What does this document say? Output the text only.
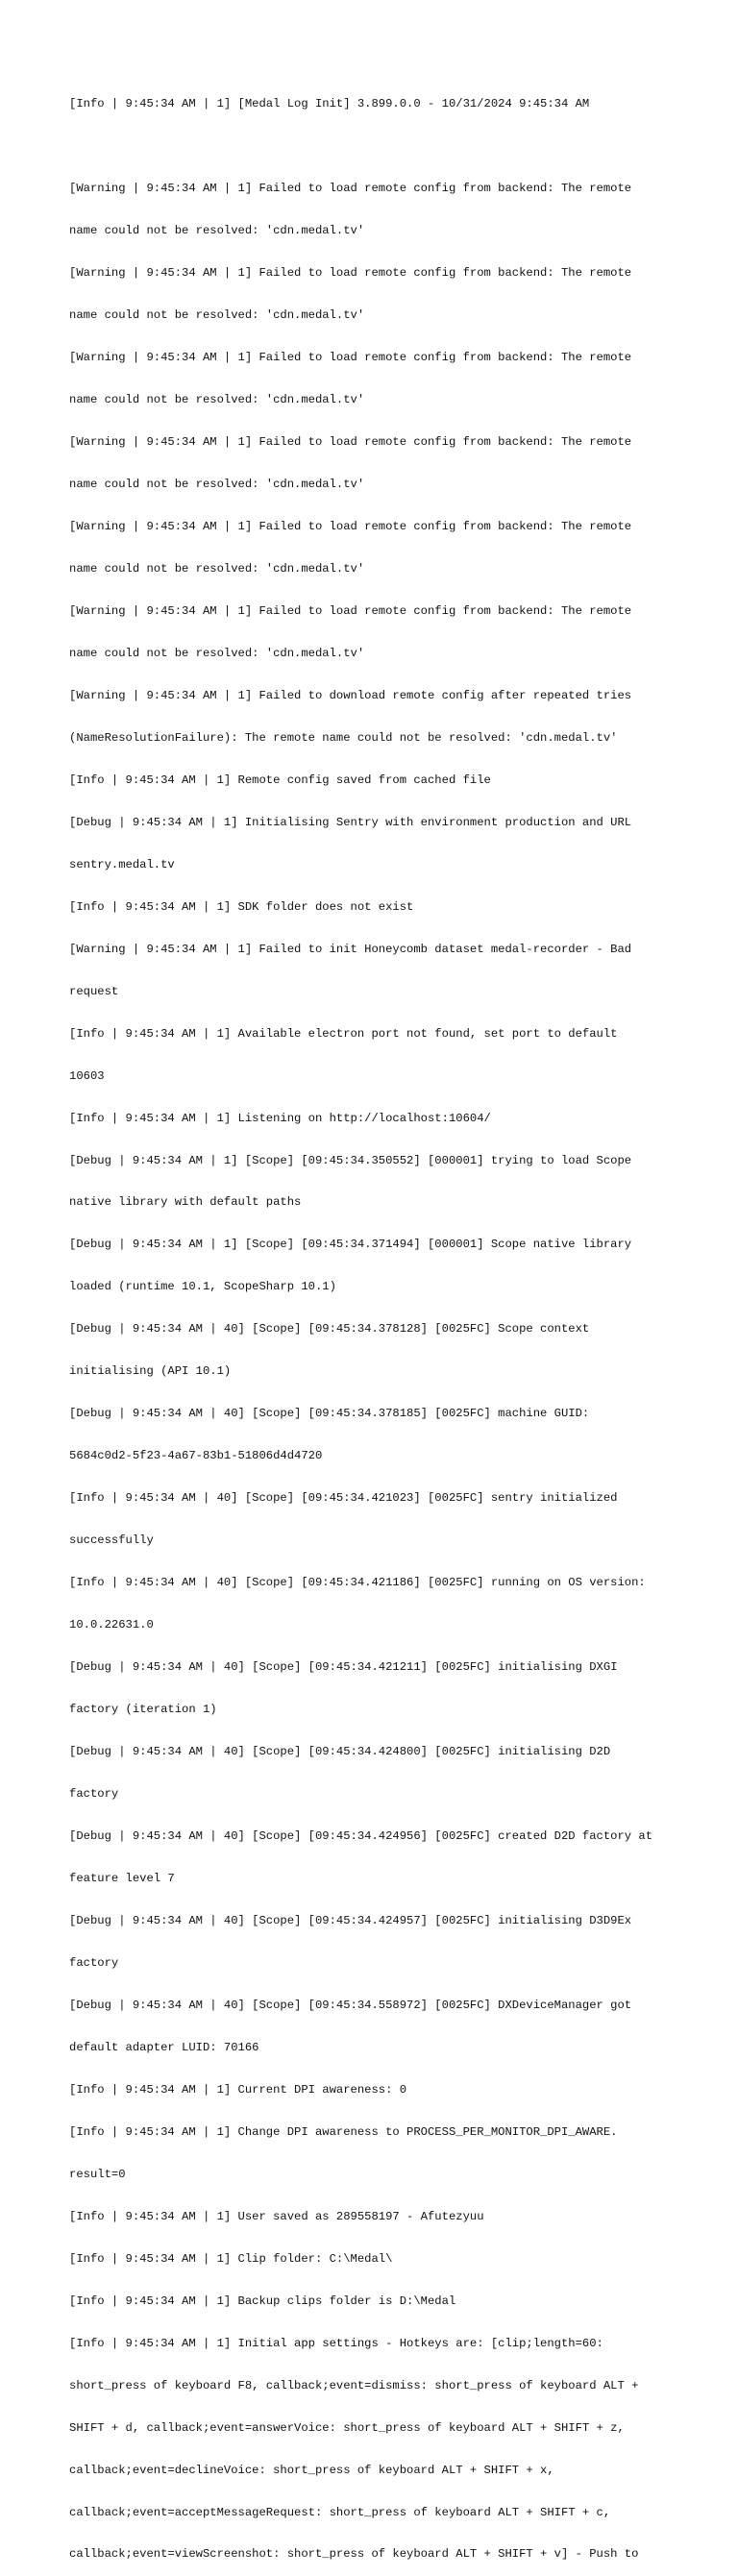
[Info | 9:45:34 AM | 1] [Medal Log Init] 3.899.0.0 - 10/31/2024 9:45:34 AM

[Warning | 9:45:34 AM | 1] Failed to load remote config from backend: The remote

name could not be resolved: 'cdn.medal.tv'

[Warning | 9:45:34 AM | 1] Failed to load remote config from backend: The remote

name could not be resolved: 'cdn.medal.tv'

[Warning | 9:45:34 AM | 1] Failed to load remote config from backend: The remote

name could not be resolved: 'cdn.medal.tv'

[Warning | 9:45:34 AM | 1] Failed to load remote config from backend: The remote

name could not be resolved: 'cdn.medal.tv'

[Warning | 9:45:34 AM | 1] Failed to load remote config from backend: The remote

name could not be resolved: 'cdn.medal.tv'

[Warning | 9:45:34 AM | 1] Failed to load remote config from backend: The remote

name could not be resolved: 'cdn.medal.tv'

[Warning | 9:45:34 AM | 1] Failed to download remote config after repeated tries

(NameResolutionFailure): The remote name could not be resolved: 'cdn.medal.tv'

[Info | 9:45:34 AM | 1] Remote config saved from cached file

[Debug | 9:45:34 AM | 1] Initialising Sentry with environment production and URL

sentry.medal.tv

[Info | 9:45:34 AM | 1] SDK folder does not exist

[Warning | 9:45:34 AM | 1] Failed to init Honeycomb dataset medal-recorder - Bad

request

[Info | 9:45:34 AM | 1] Available electron port not found, set port to default

10603

[Info | 9:45:34 AM | 1] Listening on http://localhost:10604/

[Debug | 9:45:34 AM | 1] [Scope] [09:45:34.350552] [000001] trying to load Scope

native library with default paths

[Debug | 9:45:34 AM | 1] [Scope] [09:45:34.371494] [000001] Scope native library

loaded (runtime 10.1, ScopeSharp 10.1)

[Debug | 9:45:34 AM | 40] [Scope] [09:45:34.378128] [0025FC] Scope context

initialising (API 10.1)

[Debug | 9:45:34 AM | 40] [Scope] [09:45:34.378185] [0025FC] machine GUID:

5684c0d2-5f23-4a67-83b1-51806d4d4720

[Info | 9:45:34 AM | 40] [Scope] [09:45:34.421023] [0025FC] sentry initialized

successfully

[Info | 9:45:34 AM | 40] [Scope] [09:45:34.421186] [0025FC] running on OS version:

10.0.22631.0

[Debug | 9:45:34 AM | 40] [Scope] [09:45:34.421211] [0025FC] initialising DXGI

factory (iteration 1)

[Debug | 9:45:34 AM | 40] [Scope] [09:45:34.424800] [0025FC] initialising D2D

factory

[Debug | 9:45:34 AM | 40] [Scope] [09:45:34.424956] [0025FC] created D2D factory at

feature level 7

[Debug | 9:45:34 AM | 40] [Scope] [09:45:34.424957] [0025FC] initialising D3D9Ex

factory

[Debug | 9:45:34 AM | 40] [Scope] [09:45:34.558972] [0025FC] DXDeviceManager got

default adapter LUID: 70166

[Info | 9:45:34 AM | 1] Current DPI awareness: 0

[Info | 9:45:34 AM | 1] Change DPI awareness to PROCESS_PER_MONITOR_DPI_AWARE.

result=0

[Info | 9:45:34 AM | 1] User saved as 289558197 - Afutezyuu

[Info | 9:45:34 AM | 1] Clip folder: C:\Medal\

[Info | 9:45:34 AM | 1] Backup clips folder is D:\Medal

[Info | 9:45:34 AM | 1] Initial app settings - Hotkeys are: [clip;length=60:

short_press of keyboard F8, callback;event=dismiss: short_press of keyboard ALT +

SHIFT + d, callback;event=answerVoice: short_press of keyboard ALT + SHIFT + z,

callback;event=declineVoice: short_press of keyboard ALT + SHIFT + x,

callback;event=acceptMessageRequest: short_press of keyboard ALT + SHIFT + c,

callback;event=viewScreenshot: short_press of keyboard ALT + SHIFT + v] - Push to
